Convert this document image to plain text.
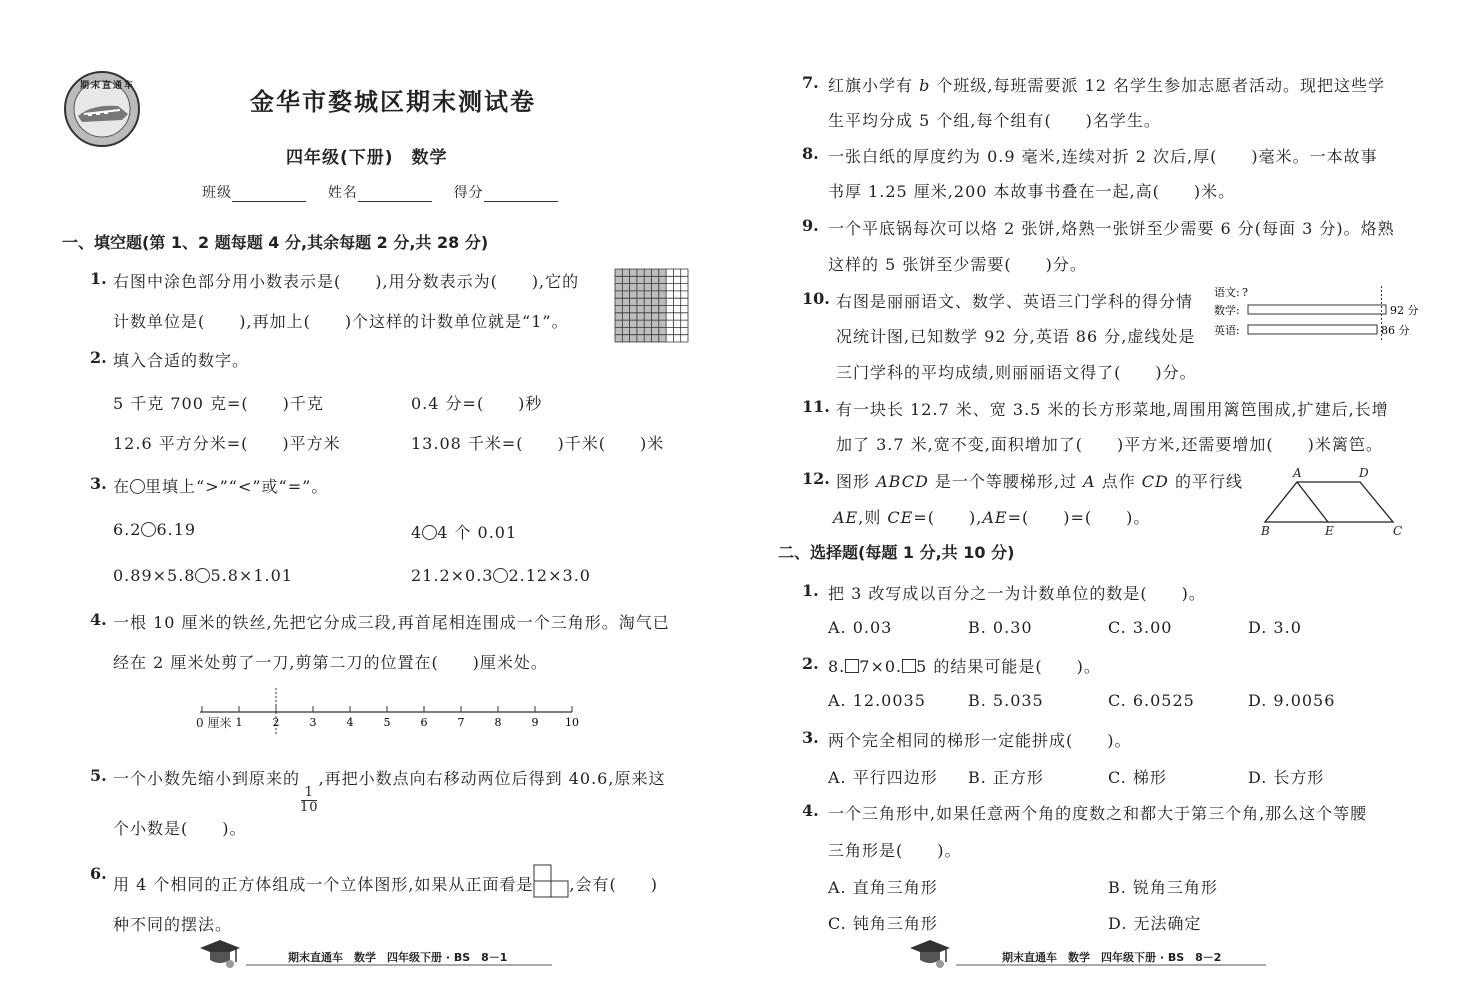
期末直通车
金华市婺城区期末测试卷
四年级(下册)　数学
班级	姓名	得分
一、填空题(第 1、2 题每题 4 分,其余每题 2 分,共 28 分)
1. 右图中涂色部分用小数表示是(　　),用分数表示为(　　),它的
计数单位是(　　),再加上(　　)个这样的计数单位就是“1”。
2. 填入合适的数字。
5 千克 700 克=(　　)千克	0.4 分=(　　)秒
12.6 平方分米=(　　)平方米	13.08 千米=(　　)千米(　　)米
3. 在 里填上“>”“<”或“=”。
6.2 6.19	4 4 个 0.01
0.89×5.8 5.8×1.01	21.2×0.3 2.12×3.0
4. 一根 10 厘米的铁丝,先把它分成三段,再首尾相连围成一个三角形。淘气已
经在 2 厘米处剪了一刀,剪第二刀的位置在(　　)厘米处。
1	2	3	4	5	6	7	8	9 10
0 厘米
5. 一个小数先缩小到原来的
$\frac{1}{10}$
,再把小数点向右移动两位后得到 40.6,原来这
个小数是(　　)。
6.
用 4 个相同的正方体组成一个立体图形,如果从正面看是 ,会有(　　)
种不同的摆法。
期末直通车　数学　四年级下册 · BS　8－1
7. 红旗小学有 b 个班级,每班需要派 12 名学生参加志愿者活动。现把这些学
生平均分成 5 个组,每个组有(　　)名学生。
8. 一张白纸的厚度约为 0.9 毫米,连续对折 2 次后,厚(　　)毫米。一本故事
书厚 1.25 厘米,200 本故事书叠在一起,高(　　)米。
9. 一个平底锅每次可以烙 2 张饼,烙熟一张饼至少需要 6 分(每面 3 分)。烙熟
这样的 5 张饼至少需要(　　)分。
10. 右图是丽丽语文、数学、英语三门学科的得分情
况统计图,已知数学 92 分,英语 86 分,虚线处是
三门学科的平均成绩,则丽丽语文得了(　　)分。
语文: ?
数学:	92 分
英语:	86 分
11. 有一块长 12.7 米、宽 3.5 米的长方形菜地,周围用篱笆围成,扩建后,长增
加了 3.7 米,宽不变,面积增加了(　　)平方米,还需要增加(　　)米篱笆。
12. 图形 ABCD 是一个等腰梯形,过 A 点作 CD 的平行线
AE,则 CE=(　　),AE=(　　)=(　　)。
A	D
B	E	C
二、选择题(每题 1 分,共 10 分)
1. 把 3 改写成以百分之一为计数单位的数是(　　)。
A. 0.03	B. 0.30	C. 3.00	D. 3.0
2. 8. 7×0. 5 的结果可能是(　　)。
A. 12.0035	B. 5.035	C. 6.0525	D. 9.0056
3. 两个完全相同的梯形一定能拼成(　　)。
A. 平行四边形 B. 正方形	C. 梯形	D. 长方形
4. 一个三角形中,如果任意两个角的度数之和都大于第三个角,那么这个等腰
三角形是(　　)。
A. 直角三角形	B. 锐角三角形
C. 钝角三角形	D. 无法确定
期末直通车　数学　四年级下册 · BS　8－2
